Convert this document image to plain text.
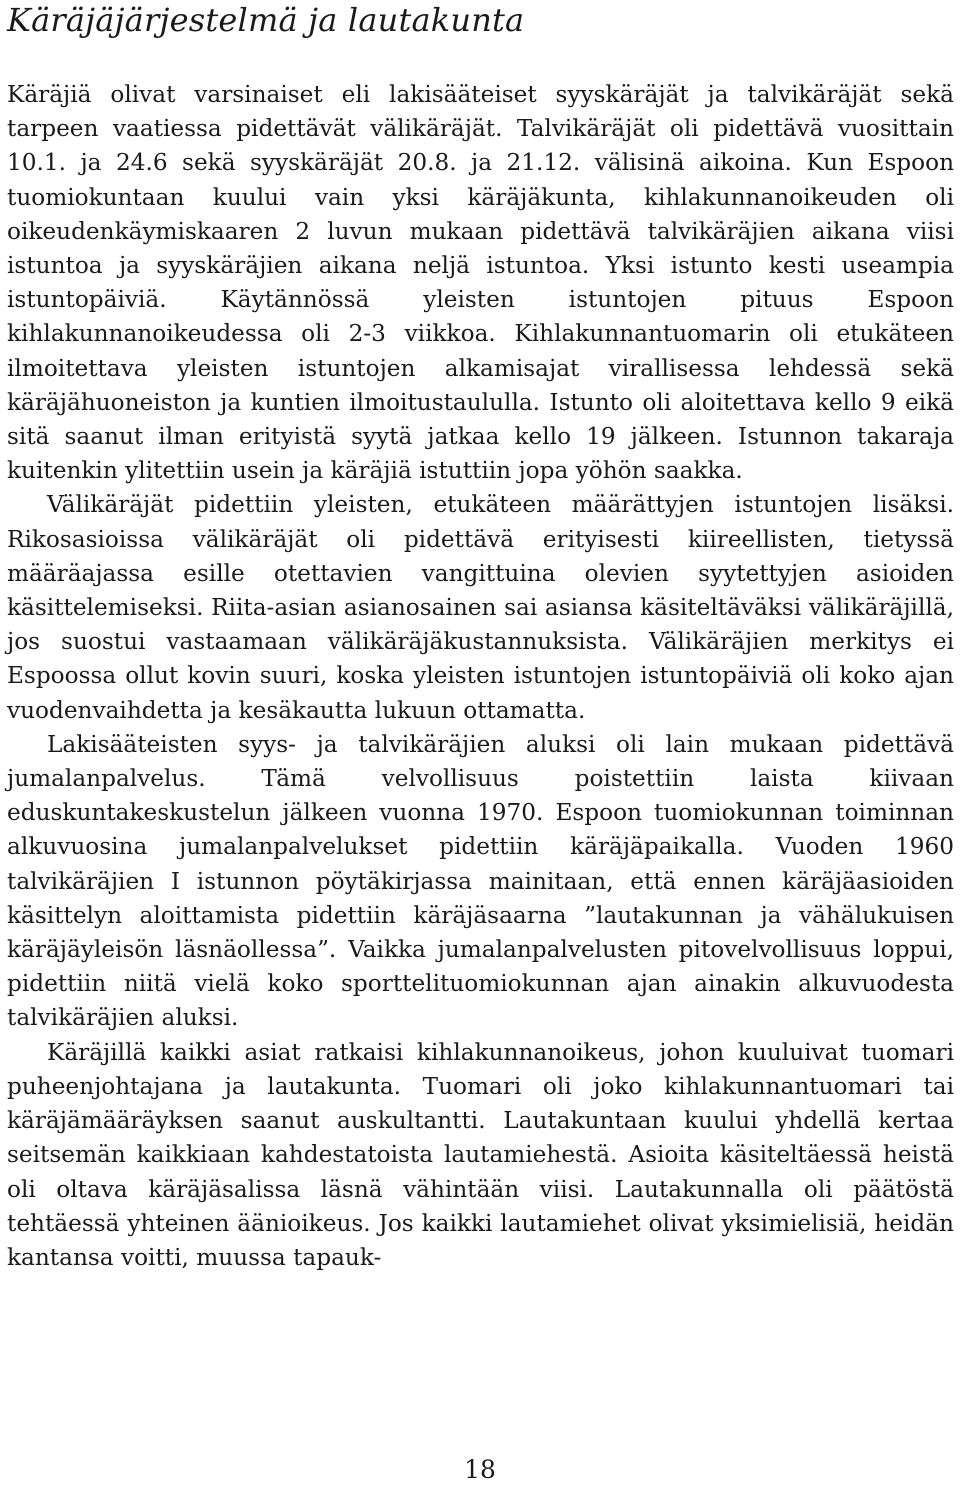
Käräjäjärjestelmä ja lautakunta

Käräjiä olivat varsinaiset eli lakisääteiset syyskäräjät ja talvikäräjät sekä tarpeen vaatiessa pidettävät välikäräjät. Talvikäräjät oli pidettävä vuosittain 10.1. ja 24.6 sekä syyskäräjät 20.8. ja 21.12. välisinä aikoina. Kun Espoon tuomiokuntaan kuului vain yksi käräjäkunta, kihlakunnanoikeuden oli oikeudenkäymiskaaren 2 luvun mukaan pidettävä talvikäräjien aikana viisi istuntoa ja syyskäräjien aikana neljä istuntoa. Yksi istunto kesti useampia istuntopäiviä. Käytännössä yleisten istuntojen pituus Espoon kihlakunnanoikeudessa oli 2-3 viikkoa. Kihlakunnantuomarin oli etukäteen ilmoitettava yleisten istuntojen alkamisajat virallisessa lehdessä sekä käräjähuoneiston ja kuntien ilmoitustaululla. Istunto oli aloitettava kello 9 eikä sitä saanut ilman erityistä syytä jatkaa kello 19 jälkeen. Istunnon takaraja kuitenkin ylitettiin usein ja käräjiä istuttiin jopa yöhön saakka.

Välikäräjät pidettiin yleisten, etukäteen määrättyjen istuntojen lisäksi. Rikosasioissa välikäräjät oli pidettävä erityisesti kiireellisten, tietyssä määräajassa esille otettavien vangittuina olevien syytettyjen asioiden käsittelemiseksi. Riita-asian asianosainen sai asiansa käsiteltäväksi välikäräjillä, jos suostui vastaamaan välikäräjäkustannuksista. Välikäräjien merkitys ei Espoossa ollut kovin suuri, koska yleisten istuntojen istuntopäiviä oli koko ajan vuodenvaihdetta ja kesäkautta lukuun ottamatta.

Lakisääteisten syys- ja talvikäräjien aluksi oli lain mukaan pidettävä jumalanpalvelus. Tämä velvollisuus poistettiin laista kiivaan eduskuntakeskustelun jälkeen vuonna 1970. Espoon tuomiokunnan toiminnan alkuvuosina jumalanpalvelukset pidettiin käräjäpaikalla. Vuoden 1960 talvikäräjien I istunnon pöytäkirjassa mainitaan, että ennen käräjäasioiden käsittelyn aloittamista pidettiin käräjäsaarna ”lautakunnan ja vähälukuisen käräjäyleisön läsnäollessa”. Vaikka jumalanpalvelusten pitovelvollisuus loppui, pidettiin niitä vielä koko sporttelituomiokunnan ajan ainakin alkuvuodesta talvikäräjien aluksi.

Käräjillä kaikki asiat ratkaisi kihlakunnanoikeus, johon kuuluivat tuomari puheenjohtajana ja lautakunta. Tuomari oli joko kihlakunnantuomari tai käräjämääräyksen saanut auskultantti. Lautakuntaan kuului yhdellä kertaa seitsemän kaikkiaan kahdestatoista lautamiehestä. Asioita käsiteltäessä heistä oli oltava käräjäsalissa läsnä vähintään viisi. Lautakunnalla oli päätöstä tehtäessä yhteinen äänioikeus. Jos kaikki lautamiehet olivat yksimielisiä, heidän kantansa voitti, muussa tapauk-

18
